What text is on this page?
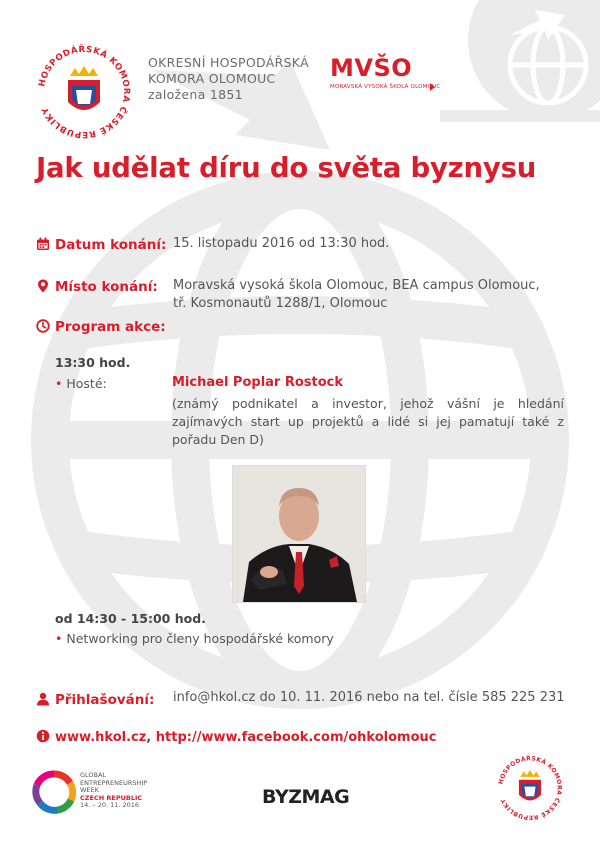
HOSPODÁŘSKÁ KOMORA ČESKÉ REPUBLIKY
OKRESNÍ HOSPODÁŘSKÁ
KOMORA OLOMOUC
založena 1851
MVŠO
MORAVSKÁ VYSOKÁ ŠKOLA OLOMOUC
Jak udělat díru do světa byznysu
Datum konání: 15. listopadu 2016 od 13:30 hod.
Místo konání: Moravská vysoká škola Olomouc, BEA campus Olomouc,
tř. Kosmonautů 1288/1, Olomouc
Program akce:
13:30 hod.
• Hosté:	Michael Poplar Rostock
(známý podnikatel a investor, jehož vášní je hledání zajímavých start up projektů a lidé si jej pamatují také z pořadu Den D)
od 14:30 - 15:00 hod.
• Networking pro členy hospodářské komory
Přihlašování: info@hkol.cz do 10. 11. 2016 nebo na tel. čísle 585 225 231
www.hkol.cz, http://www.facebook.com/ohkolomouc
GLOBAL
ENTREPRENEURSHIP
WEEK
CZECH REPUBLIC
14. – 20. 11. 2016	BYZMAG
HOSPODÁŘSKÁ KOMORA ČESKÉ REPUBLIKY
